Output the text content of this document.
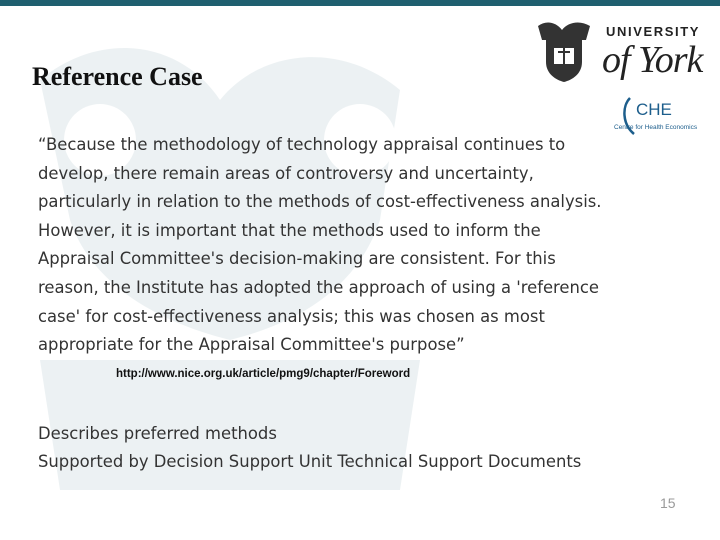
UNIVERSITY
of York
CHE
Centre for Health Economics
Reference Case

“Because the methodology of technology appraisal continues to develop, there remain areas of controversy and uncertainty, particularly in relation to the methods of cost-effectiveness analysis. However, it is important that the methods used to inform the Appraisal Committee's decision-making are consistent. For this reason, the Institute has adopted the approach of using a 'reference case' for cost-effectiveness analysis; this was chosen as most appropriate for the Appraisal Committee's purpose”

http://www.nice.org.uk/article/pmg9/chapter/Foreword
Describes preferred methods
Supported by Decision Support Unit Technical Support Documents
15
